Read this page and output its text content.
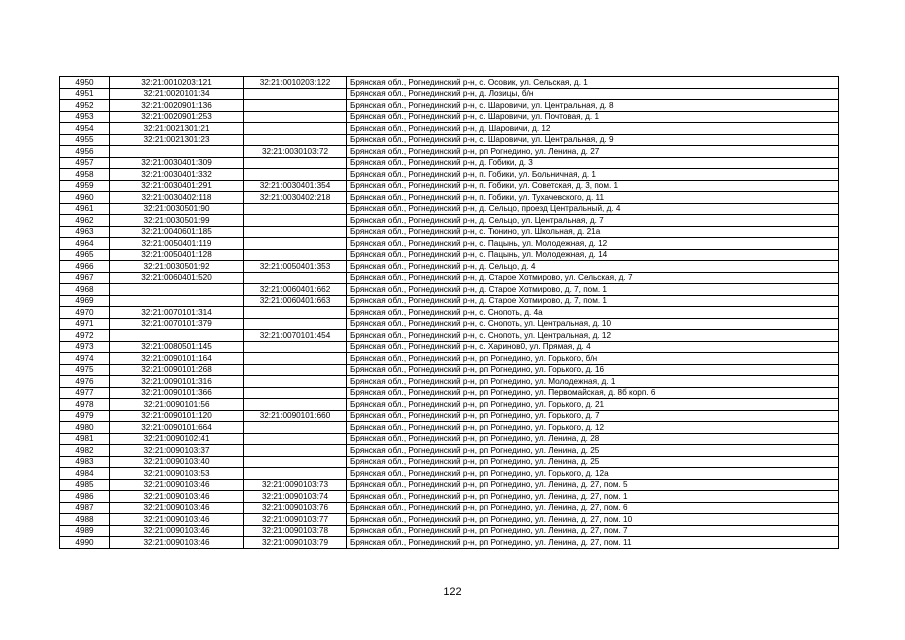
4950	32:21:0010203:121	32:21:0010203:122	Брянская обл., Рогнединский р-н, с. Осовик, ул. Сельская, д. 1
4951	32:21:0020101:34		Брянская обл., Рогнединский р-н, д. Лозицы, б/н
4952	32:21:0020901:136		Брянская обл., Рогнединский р-н, с. Шаровичи, ул. Центральная, д. 8
4953	32:21:0020901:253		Брянская обл., Рогнединский р-н, с. Шаровичи, ул. Почтовая, д. 1
4954	32:21:0021301:21		Брянская обл., Рогнединский р-н, д. Шаровичи, д. 12
4955	32:21:0021301:23		Брянская обл., Рогнединский р-н, с. Шаровичи, ул. Центральная, д. 9
4956		32:21:0030103:72	Брянская обл., Рогнединский р-н, рп Рогнедино, ул. Ленина, д. 27
4957	32:21:0030401:309		Брянская обл., Рогнединский р-н, д. Гобики, д. 3
4958	32:21:0030401:332		Брянская обл., Рогнединский р-н, п. Гобики, ул. Больничная, д. 1
4959	32:21:0030401:291	32:21:0030401:354	Брянская обл., Рогнединский р-н, п. Гобики, ул. Советская, д. 3, пом. 1
4960	32:21:0030402:118	32:21:0030402:218	Брянская обл., Рогнединский р-н, п. Гобики, ул. Тухачевского, д. 11
4961	32:21:0030501:90		Брянская обл., Рогнединский р-н, д. Сельцо, проезд Центральный, д. 4
4962	32:21:0030501:99		Брянская обл., Рогнединский р-н, д. Сельцо, ул. Центральная, д. 7
4963	32:21:0040601:185		Брянская обл., Рогнединский р-н, с. Тюнино, ул. Школьная, д. 21а
4964	32:21:0050401:119		Брянская обл., Рогнединский р-н, с. Пацынь, ул. Молодежная, д. 12
4965	32:21:0050401:128		Брянская обл., Рогнединский р-н, с. Пацынь, ул. Молодежная, д. 14
4966	32:21:0030501:92	32:21:0050401:353	Брянская обл., Рогнединский р-н, д. Сельцо, д. 4
4967	32:21:0060401:520		Брянская обл., Рогнединский р-н, д. Старое Хотмирово, ул. Сельская, д. 7
4968		32:21:0060401:662	Брянская обл., Рогнединский р-н, д. Старое Хотмирово, д. 7, пом. 1
4969		32:21:0060401:663	Брянская обл., Рогнединский р-н, д. Старое Хотмирово, д. 7, пом. 1
4970	32:21:0070101:314		Брянская обл., Рогнединский р-н, с. Снопоть, д. 4а
4971	32:21:0070101:379		Брянская обл., Рогнединский р-н, с. Снопоть, ул. Центральная, д. 10
4972		32:21:0070101:454	Брянская обл., Рогнединский р-н, с. Снопоть, ул. Центральная, д. 12
4973	32:21:0080501:145		Брянская обл., Рогнединский р-н, с. Харинов0, ул. Прямая, д. 4
4974	32:21:0090101:164		Брянская обл., Рогнединский р-н, рп Рогнедино, ул. Горького, б/н
4975	32:21:0090101:268		Брянская обл., Рогнединский р-н, рп Рогнедино, ул. Горького, д. 16
4976	32:21:0090101:316		Брянская обл., Рогнединский р-н, рп Рогнедино, ул. Молодежная, д. 1
4977	32:21:0090101:366		Брянская обл., Рогнединский р-н, рп Рогнедино, ул. Первомайская, д. 8б корп. 6
4978	32:21:0090101:56		Брянская обл., Рогнединский р-н, рп Рогнедино, ул. Горького, д. 21
4979	32:21:0090101:120	32:21:0090101:660	Брянская обл., Рогнединский р-н, рп Рогнедино, ул. Горького, д. 7
4980	32:21:0090101:664		Брянская обл., Рогнединский р-н, рп Рогнедино, ул. Горького, д. 12
4981	32:21:0090102:41		Брянская обл., Рогнединский р-н, рп Рогнедино, ул. Ленина, д. 28
4982	32:21:0090103:37		Брянская обл., Рогнединский р-н, рп Рогнедино, ул. Ленина, д. 25
4983	32:21:0090103:40		Брянская обл., Рогнединский р-н, рп Рогнедино, ул. Ленина, д. 25
4984	32:21:0090103:53		Брянская обл., Рогнединский р-н, рп Рогнедино, ул. Горького, д. 12а
4985	32:21:0090103:46	32:21:0090103:73	Брянская обл., Рогнединский р-н, рп Рогнедино, ул. Ленина, д. 27, пом. 5
4986	32:21:0090103:46	32:21:0090103:74	Брянская обл., Рогнединский р-н, рп Рогнедино, ул. Ленина, д. 27, пом. 1
4987	32:21:0090103:46	32:21:0090103:76	Брянская обл., Рогнединский р-н, рп Рогнедино, ул. Ленина, д. 27, пом. 6
4988	32:21:0090103:46	32:21:0090103:77	Брянская обл., Рогнединский р-н, рп Рогнедино, ул. Ленина, д. 27, пом. 10
4989	32:21:0090103:46	32:21:0090103:78	Брянская обл., Рогнединский р-н, рп Рогнедино, ул. Ленина, д. 27, пом. 7
4990	32:21:0090103:46	32:21:0090103:79	Брянская обл., Рогнединский р-н, рп Рогнедино, ул. Ленина, д. 27, пом. 11
122
